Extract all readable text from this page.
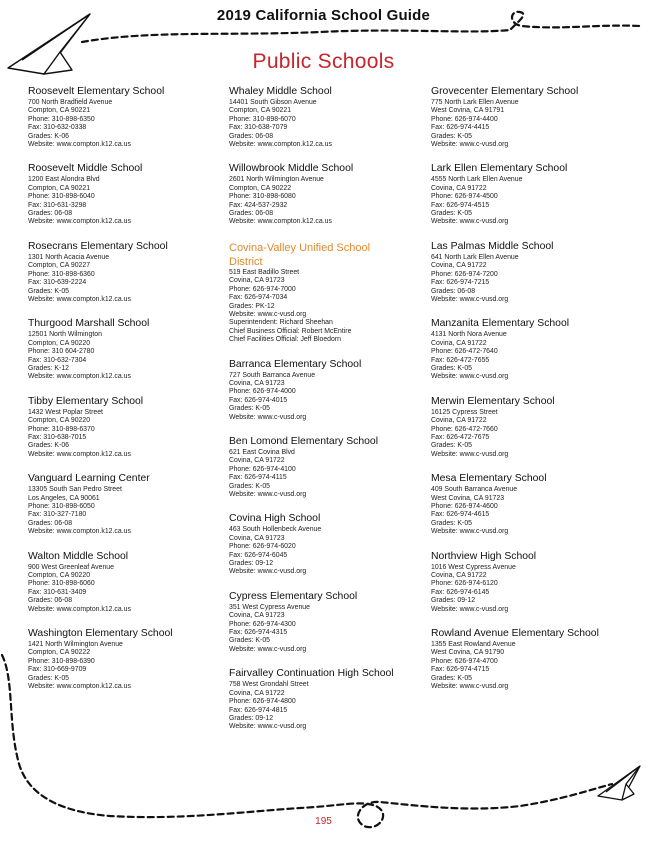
2019 California School Guide
Public Schools
Roosevelt Elementary School
700 North Bradfield Avenue
Compton, CA 90221
Phone: 310-898-6350
Fax: 310-632-0338
Grades: K-06
Website: www.compton.k12.ca.us
Roosevelt Middle School
1200 East Alondra Blvd
Compton, CA 90221
Phone: 310-898-6040
Fax: 310-631-3298
Grades: 06-08
Website: www.compton.k12.ca.us
Rosecrans Elementary School
1301 North Acacia Avenue
Compton, CA 90227
Phone: 310-898-6360
Fax: 310-639-2224
Grades: K-05
Website: www.compton.k12.ca.us
Thurgood Marshall School
12501 North Wilmington
Compton, CA 90220
Phone: 310 604-2780
Fax: 310-632-7304
Grades: K-12
Website: www.compton.k12.ca.us
Tibby Elementary School
1432 West Poplar Street
Compton, CA 90220
Phone: 310-898-6370
Fax: 310-638-7015
Grades: K-06
Website: www.compton.k12.ca.us
Vanguard Learning Center
13305 South San Pedro Street
Los Angeles, CA 90061
Phone: 310-898-6050
Fax: 310-327-7180
Grades: 06-08
Website: www.compton.k12.ca.us
Walton Middle School
900 West Greenleaf Avenue
Compton, CA 90220
Phone: 310-898-6060
Fax: 310-631-3409
Grades: 06-08
Website: www.compton.k12.ca.us
Washington Elementary School
1421 North Wilmington Avenue
Compton, CA 90222
Phone: 310-898-6390
Fax: 310-669-9709
Grades: K-05
Website: www.compton.k12.ca.us
Whaley Middle School
14401 South Gibson Avenue
Compton, CA 90221
Phone: 310-898-6070
Fax: 310-638-7079
Grades: 06-08
Website: www.compton.k12.ca.us
Willowbrook Middle School
2601 North Wilmington Avenue
Compton, CA 90222
Phone: 310-898-6080
Fax: 424-537-2932
Grades: 06-08
Website: www.compton.k12.ca.us
Covina-Valley Unified School District
519 East Badillo Street
Covina, CA 91723
Phone: 626-974-7000
Fax: 626-974-7034
Grades: PK-12
Website: www.c-vusd.org
Superintendent: Richard Sheehan
Chief Business Official: Robert McEntire
Chief Facilities Official: Jeff Bloedorn
Barranca Elementary School
727 South Barranca Avenue
Covina, CA 91723
Phone: 626-974-4000
Fax: 626-974-4015
Grades: K-05
Website: www.c-vusd.org
Ben Lomond Elementary School
621 East Covina Blvd
Covina, CA 91722
Phone: 626-974-4100
Fax: 626-974-4115
Grades: K-05
Website: www.c-vusd.org
Covina High School
463 South Hollenbeck Avenue
Covina, CA 91723
Phone: 626-974-6020
Fax: 626-974-6045
Grades: 09-12
Website: www.c-vusd.org
Cypress Elementary School
351 West Cypress Avenue
Covina, CA 91723
Phone: 626-974-4300
Fax: 626-974-4315
Grades: K-05
Website: www.c-vusd.org
Fairvalley Continuation High School
758 West Grondahl Street
Covina, CA 91722
Phone: 626-974-4800
Fax: 626-974-4815
Grades: 09-12
Website: www.c-vusd.org
Grovecenter Elementary School
775 North Lark Ellen Avenue
West Covina, CA 91791
Phone: 626-974-4400
Fax: 626-974-4415
Grades: K-05
Website: www.c-vusd.org
Lark Ellen Elementary School
4555 North Lark Ellen Avenue
Covina, CA 91722
Phone: 626-974-4500
Fax: 626-974-4515
Grades: K-05
Website: www.c-vusd.org
Las Palmas Middle School
641 North Lark Ellen Avenue
Covina, CA 91722
Phone: 626-974-7200
Fax: 626-974-7215
Grades: 06-08
Website: www.c-vusd.org
Manzanita Elementary School
4131 North Nora Avenue
Covina, CA 91722
Phone: 626-472-7640
Fax: 626-472-7655
Grades: K-05
Website: www.c-vusd.org
Merwin Elementary School
16125 Cypress Street
Covina, CA 91722
Phone: 626-472-7660
Fax: 626-472-7675
Grades: K-05
Website: www.c-vusd.org
Mesa Elementary School
409 South Barranca Avenue
West Covina, CA 91723
Phone: 626-974-4600
Fax: 626-974-4615
Grades: K-05
Website: www.c-vusd.org
Northview High School
1016 West Cypress Avenue
Covina, CA 91722
Phone: 626-974-6120
Fax: 626-974-6145
Grades: 09-12
Website: www.c-vusd.org
Rowland Avenue Elementary School
1355 East Rowland Avenue
West Covina, CA 91790
Phone: 626-974-4700
Fax: 626-974-4715
Grades: K-05
Website: www.c-vusd.org
195
